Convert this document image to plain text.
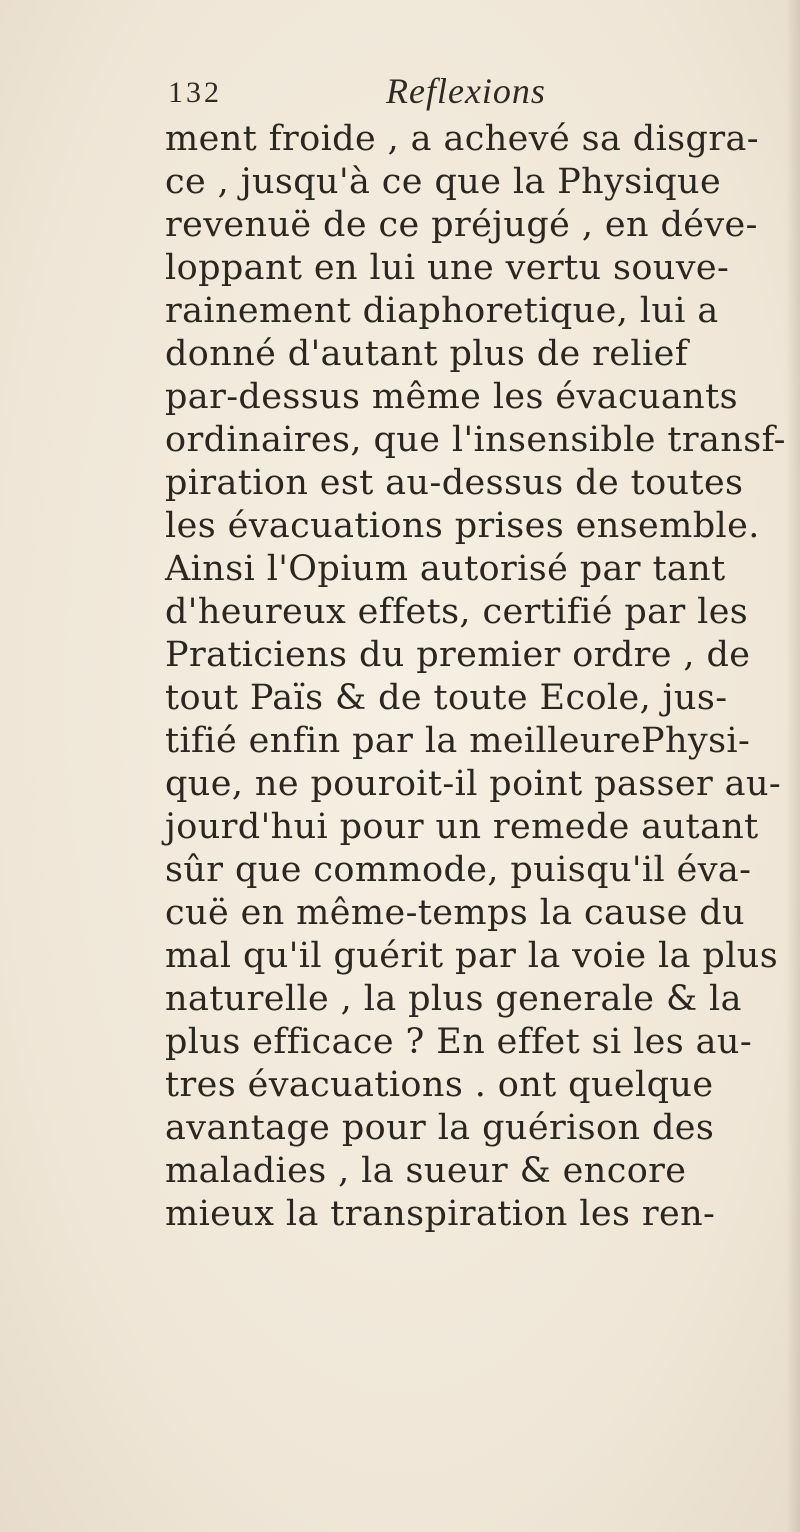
132	Reflexions
ment froide , a achevé sa disgra-
ce , jusqu'à ce que la Physique
revenuë de ce préjugé , en déve-
loppant en lui une vertu souve-
rainement diaphoretique, lui a
donné d'autant plus de relief
par-dessus même les évacuants
ordinaires, que l'insensible transf-
piration est au-dessus de toutes
les évacuations prises ensemble.
Ainsi l'Opium autorisé par tant
d'heureux effets, certifié par les
Praticiens du premier ordre , de
tout Païs & de toute Ecole, jus-
tifié enfin par la meilleurePhysi-
que, ne pouroit-il point passer au-
jourd'hui pour un remede autant
sûr que commode, puisqu'il éva-
cuë en même-temps la cause du
mal qu'il guérit par la voie la plus
naturelle , la plus generale & la
plus efficace ? En effet si les au-
tres évacuations . ont quelque
avantage pour la guérison des
maladies , la sueur & encore
mieux la transpiration les ren-
